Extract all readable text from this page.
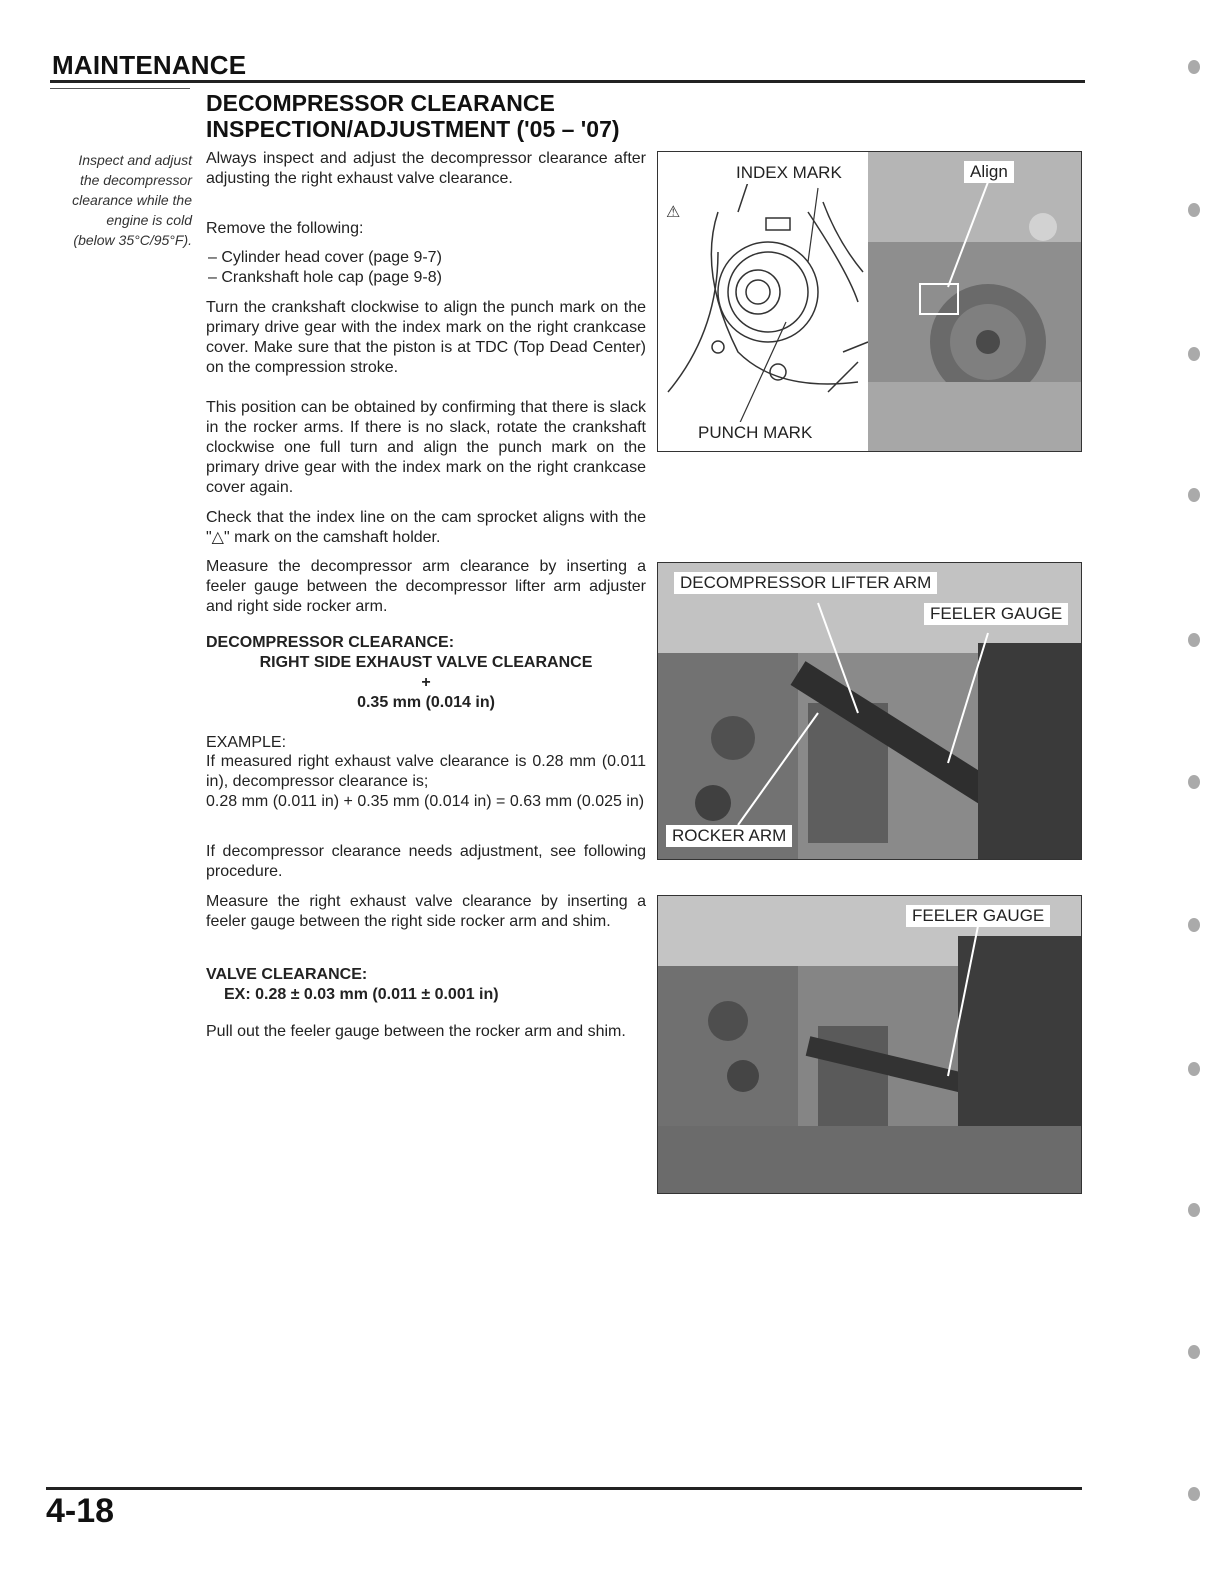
MAINTENANCE
DECOMPRESSOR CLEARANCE
INSPECTION/ADJUSTMENT ('05 – '07)
Inspect and adjust
the decompressor
clearance while the
engine is cold
(below 35°C/95°F).

Always inspect and adjust the decompressor clearance after adjusting the right exhaust valve clearance.

Remove the following:

– Cylinder head cover (page 9-7)
– Crankshaft hole cap (page 9-8)

Turn the crankshaft clockwise to align the punch mark on the primary drive gear with the index mark on the right crankcase cover. Make sure that the piston is at TDC (Top Dead Center) on the compression stroke.

This position can be obtained by confirming that there is slack in the rocker arms. If there is no slack, rotate the crankshaft clockwise one full turn and align the punch mark on the primary drive gear with the index mark on the right crankcase cover again.

Check that the index line on the cam sprocket aligns with the "△" mark on the camshaft holder.

Measure the decompressor arm clearance by inserting a feeler gauge between the decompressor lifter arm adjuster and right side rocker arm.

DECOMPRESSOR CLEARANCE:
RIGHT SIDE EXHAUST VALVE CLEARANCE
+
0.35 mm (0.014 in)

EXAMPLE:

If measured right exhaust valve clearance is 0.28 mm (0.011 in), decompressor clearance is;

0.28 mm (0.011 in) + 0.35 mm (0.014 in) = 0.63 mm (0.025 in)

If decompressor clearance needs adjustment, see following procedure.

Measure the right exhaust valve clearance by inserting a feeler gauge between the right side rocker arm and shim.

VALVE CLEARANCE:
EX: 0.28 ± 0.03 mm (0.011 ± 0.001 in)

Pull out the feeler gauge between the rocker arm and shim.

INDEX MARK
PUNCH MARK
Align
⚠
DECOMPRESSOR LIFTER ARM
FEELER GAUGE
ROCKER ARM
FEELER GAUGE
4-18
